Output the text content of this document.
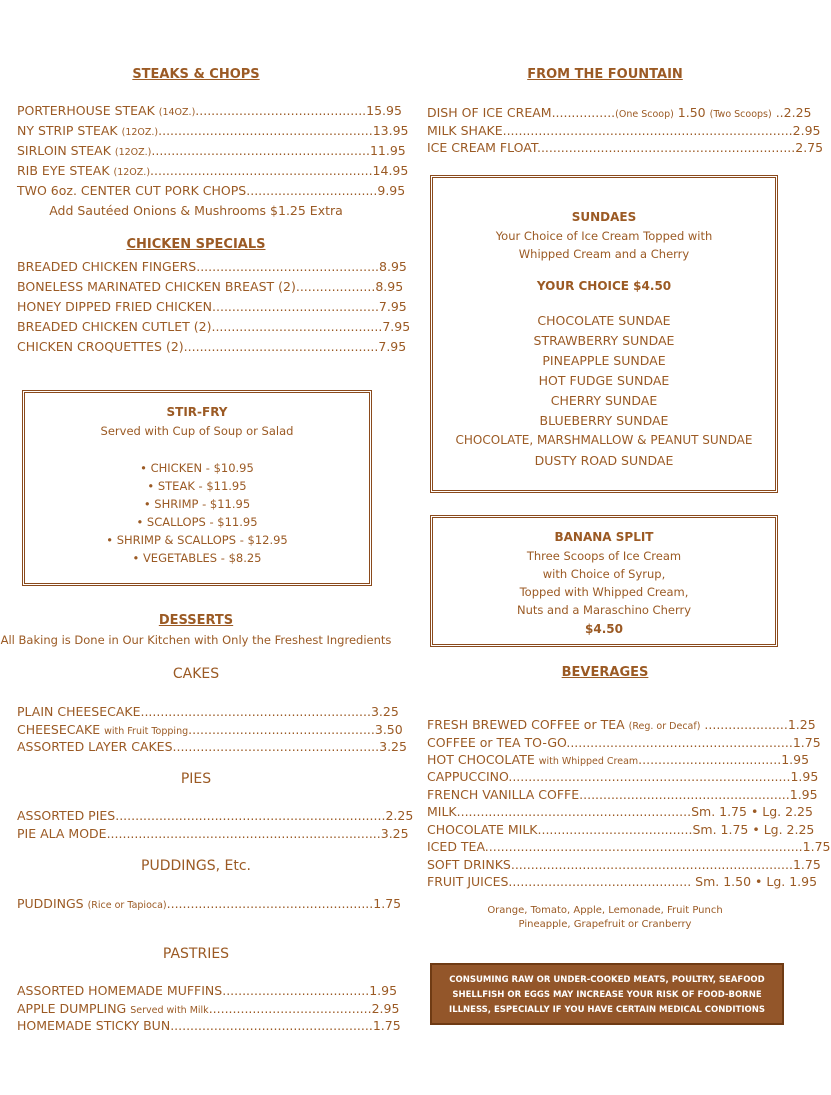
STEAKS & CHOPS
PORTERHOUSE STEAK (14OZ.)...........................................15.95
NY STRIP STEAK (12OZ.)......................................................13.95
SIRLOIN STEAK (12OZ.).......................................................11.95
RIB EYE STEAK (12OZ.)........................................................14.95
TWO 6oz. CENTER CUT PORK CHOPS.................................9.95
Add Sautéed Onions & Mushrooms $1.25 Extra
CHICKEN SPECIALS
BREADED CHICKEN FINGERS..............................................8.95
BONELESS MARINATED CHICKEN BREAST (2)....................8.95
HONEY DIPPED FRIED CHICKEN..........................................7.95
BREADED CHICKEN CUTLET (2)...........................................7.95
CHICKEN CROQUETTES (2).................................................7.95
STIR-FRY
Served with Cup of Soup or Salad
• CHICKEN - $10.95
• STEAK - $11.95
• SHRIMP - $11.95
• SCALLOPS - $11.95
• SHRIMP & SCALLOPS - $12.95
• VEGETABLES - $8.25
DESSERTS
All Baking is Done in Our Kitchen with Only the Freshest Ingredients
CAKES
PLAIN CHEESECAKE..........................................................3.25
CHEESECAKE with Fruit Topping...............................................3.50
ASSORTED LAYER CAKES....................................................3.25
PIES
ASSORTED PIES....................................................................2.25
PIE ALA MODE.....................................................................3.25
PUDDINGS, Etc.
PUDDINGS (Rice or Tapioca)....................................................1.75
PASTRIES
ASSORTED HOMEMADE MUFFINS.....................................1.95
APPLE DUMPLING Served with Milk.........................................2.95
HOMEMADE STICKY BUN...................................................1.75
FROM THE FOUNTAIN
DISH OF ICE CREAM................(One Scoop) 1.50 (Two Scoops) ..2.25
MILK SHAKE.........................................................................2.95
ICE CREAM FLOAT.................................................................2.75
SUNDAES
Your Choice of Ice Cream Topped with
Whipped Cream and a Cherry
YOUR CHOICE $4.50
CHOCOLATE SUNDAE
STRAWBERRY SUNDAE
PINEAPPLE SUNDAE
HOT FUDGE SUNDAE
CHERRY SUNDAE
BLUEBERRY SUNDAE
CHOCOLATE, MARSHMALLOW & PEANUT SUNDAE
DUSTY ROAD SUNDAE
BANANA SPLIT
Three Scoops of Ice Cream
with Choice of Syrup,
Topped with Whipped Cream,
Nuts and a Maraschino Cherry
$4.50
BEVERAGES
FRESH BREWED COFFEE or TEA (Reg. or Decaf) .....................1.25
COFFEE or TEA TO-GO.........................................................1.75
HOT CHOCOLATE with Whipped Cream....................................1.95
CAPPUCCINO.......................................................................1.95
FRENCH VANILLA COFFE.....................................................1.95
MILK...........................................................Sm. 1.75 • Lg. 2.25
CHOCOLATE MILK.......................................Sm. 1.75 • Lg. 2.25
ICED TEA................................................................................1.75
SOFT DRINKS.......................................................................1.75
FRUIT JUICES.............................................. Sm. 1.50 • Lg. 1.95
Orange, Tomato, Apple, Lemonade, Fruit Punch
Pineapple, Grapefruit or Cranberry
CONSUMING RAW OR UNDER-COOKED MEATS, POULTRY, SEAFOOD
SHELLFISH OR EGGS MAY INCREASE YOUR RISK OF FOOD-BORNE
ILLNESS, ESPECIALLY IF YOU HAVE CERTAIN MEDICAL CONDITIONS
